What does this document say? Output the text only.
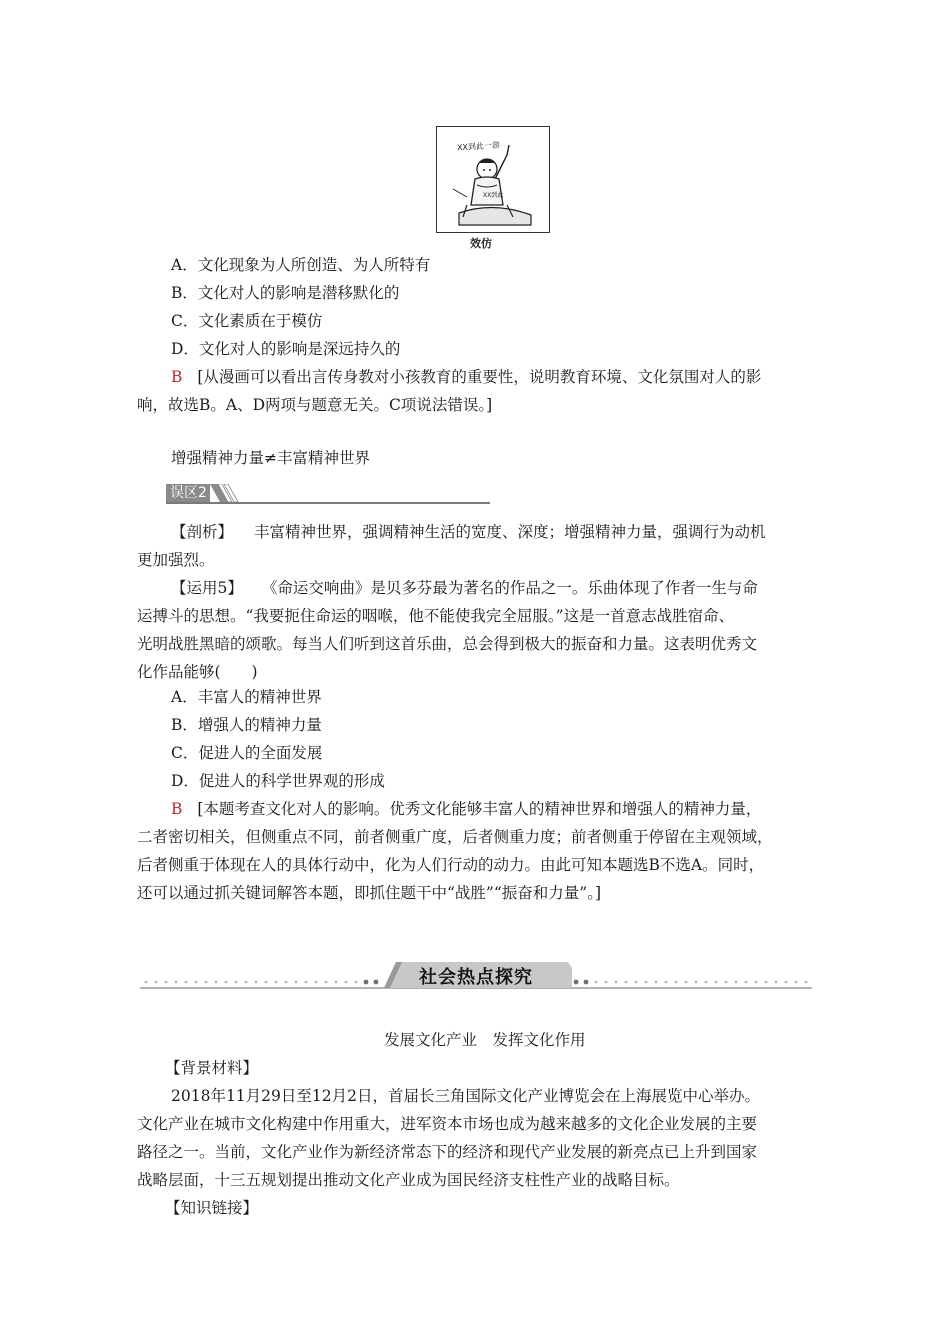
XX到此一游
XX到此
效仿
A．文化现象为人所创造、为人所特有
B．文化对人的影响是潜移默化的
C．文化素质在于模仿
D．文化对人的影响是深远持久的
B [从漫画可以看出言传身教对小孩教育的重要性，说明教育环境、文化氛围对人的影
响，故选B。A、D两项与题意无关。C项说法错误。]
增强精神力量≠丰富精神世界
误区2
【剖析】 丰富精神世界，强调精神生活的宽度、深度；增强精神力量，强调行为动机
更加强烈。
【运用5】 《命运交响曲》是贝多芬最为著名的作品之一。乐曲体现了作者一生与命
运搏斗的思想。“我要扼住命运的咽喉，他不能使我完全屈服。”这是一首意志战胜宿命、
光明战胜黑暗的颂歌。每当人们听到这首乐曲，总会得到极大的振奋和力量。这表明优秀文
化作品能够(　　)
A．丰富人的精神世界
B．增强人的精神力量
C．促进人的全面发展
D．促进人的科学世界观的形成
B [本题考查文化对人的影响。优秀文化能够丰富人的精神世界和增强人的精神力量，
二者密切相关，但侧重点不同，前者侧重广度，后者侧重力度；前者侧重于停留在主观领域，
后者侧重于体现在人的具体行动中，化为人们行动的动力。由此可知本题选B不选A。同时，
还可以通过抓关键词解答本题，即抓住题干中“战胜”“振奋和力量”。]
社会热点探究
发展文化产业　发挥文化作用
【背景材料】
2018年11月29日至12月2日，首届长三角国际文化产业博览会在上海展览中心举办。
文化产业在城市文化构建中作用重大，进军资本市场也成为越来越多的文化企业发展的主要
路径之一。当前，文化产业作为新经济常态下的经济和现代产业发展的新亮点已上升到国家
战略层面，十三五规划提出推动文化产业成为国民经济支柱性产业的战略目标。
【知识链接】
